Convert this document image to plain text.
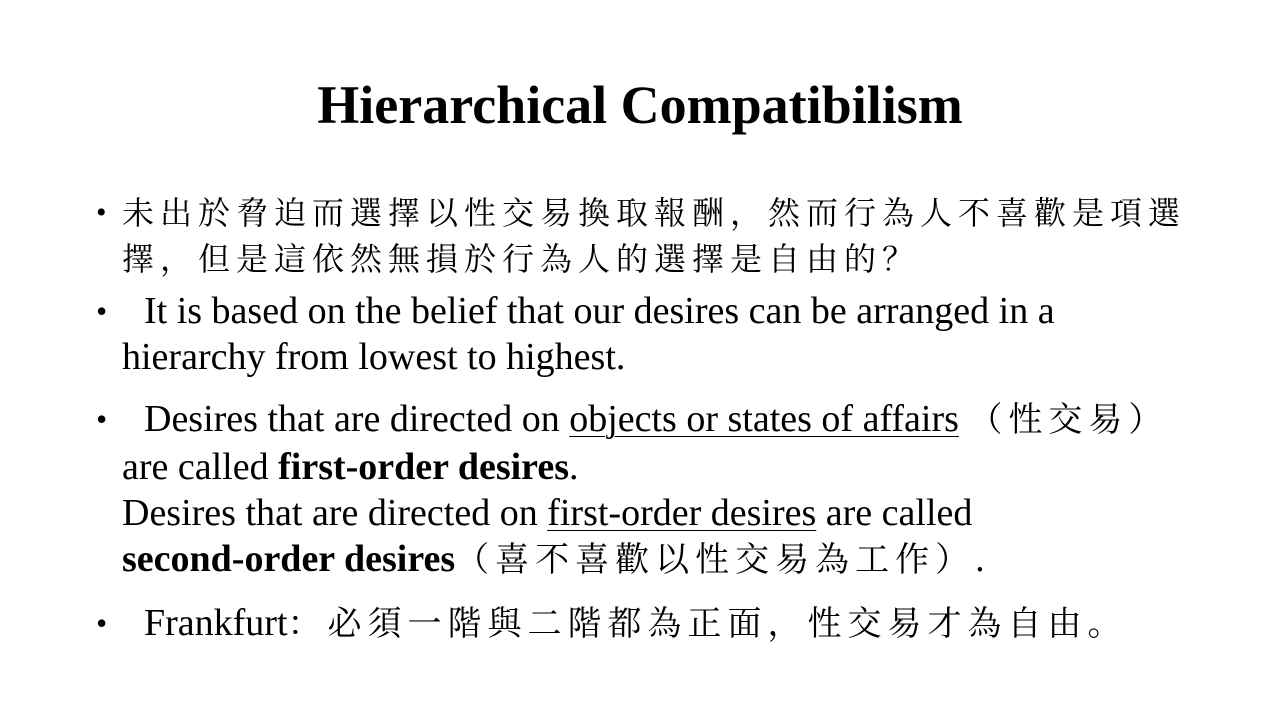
Hierarchical Compatibilism
• 未出於脅迫而選擇以性交易換取報酬，然而行為人不喜歡是項選
擇，但是這依然無損於行為人的選擇是自由的？
• It is based on the belief that our desires can be arranged in a hierarchy from lowest to highest.
• Desires that are directed on objects or states of affairs （性交易）are called first-order desires.
Desires that are directed on first-order desires are called
second-order desires（喜不喜歡以性交易為工作）.
• Frankfurt：必須一階與二階都為正面，性交易才為自由。
